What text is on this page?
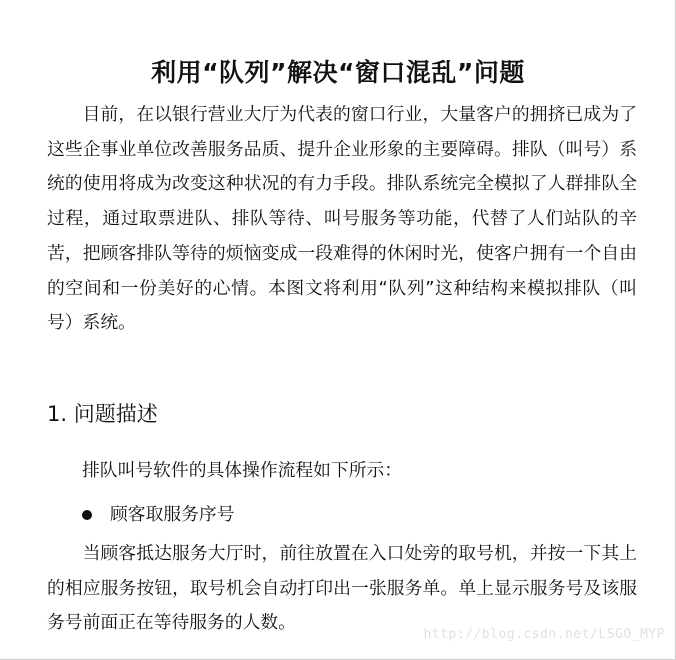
利用“队列”解决“窗口混乱”问题

目前，在以银行营业大厅为代表的窗口行业，大量客户的拥挤已成为了这些企事业单位改善服务品质、提升企业形象的主要障碍。排队（叫号）系统的使用将成为改变这种状况的有力手段。排队系统完全模拟了人群排队全过程，通过取票进队、排队等待、叫号服务等功能，代替了人们站队的辛苦，把顾客排队等待的烦恼变成一段难得的休闲时光，使客户拥有一个自由的空间和一份美好的心情。本图文将利用“队列”这种结构来模拟排队（叫号）系统。

1. 问题描述

排队叫号软件的具体操作流程如下所示：

顾客取服务序号

当顾客抵达服务大厅时，前往放置在入口处旁的取号机，并按一下其上的相应服务按钮，取号机会自动打印出一张服务单。单上显示服务号及该服务号前面正在等待服务的人数。

http://blog.csdn.net/LSGO_MYP
